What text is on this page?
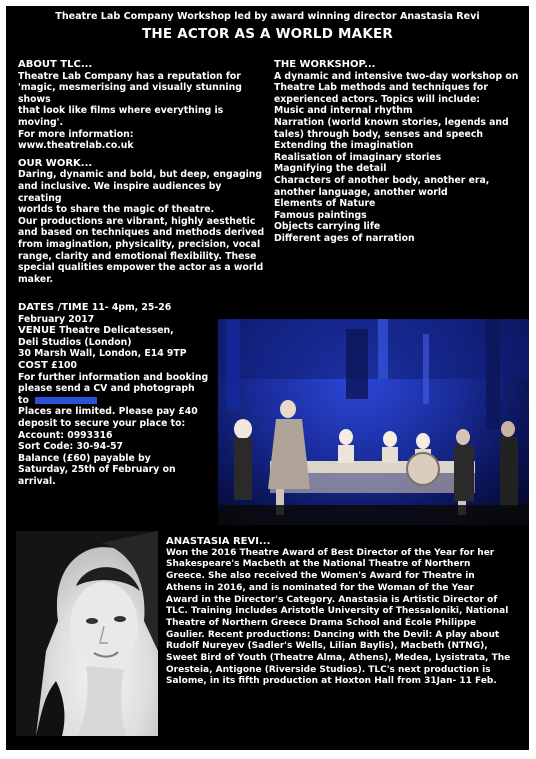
Theatre Lab Company Workshop led by award winning director Anastasia Revi
THE ACTOR AS A WORLD MAKER

ABOUT TLC...

Theatre Lab Company has a reputation for

'magic, mesmerising and visually stunning shows

that look like films where everything is moving'.

For more information:

www.theatrelab.co.uk

OUR WORK...

Daring, dynamic and bold, but deep, engaging

and inclusive. We inspire audiences by creating

worlds to share the magic of theatre.

Our productions are vibrant, highly aesthetic

and based on techniques and methods derived

from imagination, physicality, precision, vocal

range, clarity and emotional flexibility. These

special qualities empower the actor as a world

maker.

THE WORKSHOP...

A dynamic and intensive two-day workshop on

Theatre Lab methods and techniques for

experienced actors. Topics will include:

Music and internal rhythm

Narration (world known stories, legends and

tales) through body, senses and speech

Extending the imagination

Realisation of imaginary stories

Magnifying the detail

Characters of another body, another era,

another language, another world

Elements of Nature

Famous paintings

Objects carrying life

Different ages of narration

DATES /TIME 11- 4pm, 25-26

February 2017

VENUE Theatre Delicatessen,

Deli Studios (London)

30 Marsh Wall, London, E14 9TP

COST £100

For further information and booking

please send a CV and photograph

to

Places are limited. Please pay £40

deposit to secure your place to:

Account: 0993316

Sort Code: 30-94-57

Balance (£60) payable by

Saturday, 25th of February on

arrival.

ANASTASIA REVI...

Won the 2016 Theatre Award of Best Director of the Year for her

Shakespeare's Macbeth at the National Theatre of Northern

Greece. She also received the Women's Award for Theatre in

Athens in 2016, and is nominated for the Woman of the Year

Award in the Director's Category. Anastasia is Artistic Director of

TLC. Training includes Aristotle University of Thessaloniki, National

Theatre of Northern Greece Drama School and École Philippe

Gaulier. Recent productions: Dancing with the Devil: A play about

Rudolf Nureyev (Sadler's Wells, Lilian Baylis), Macbeth (NTNG),

Sweet Bird of Youth (Theatre Alma, Athens), Medea, Lysistrata, The

Oresteia, Antigone (Riverside Studios). TLC's next production is

Salome, in its fifth production at Hoxton Hall from 31Jan- 11 Feb.
